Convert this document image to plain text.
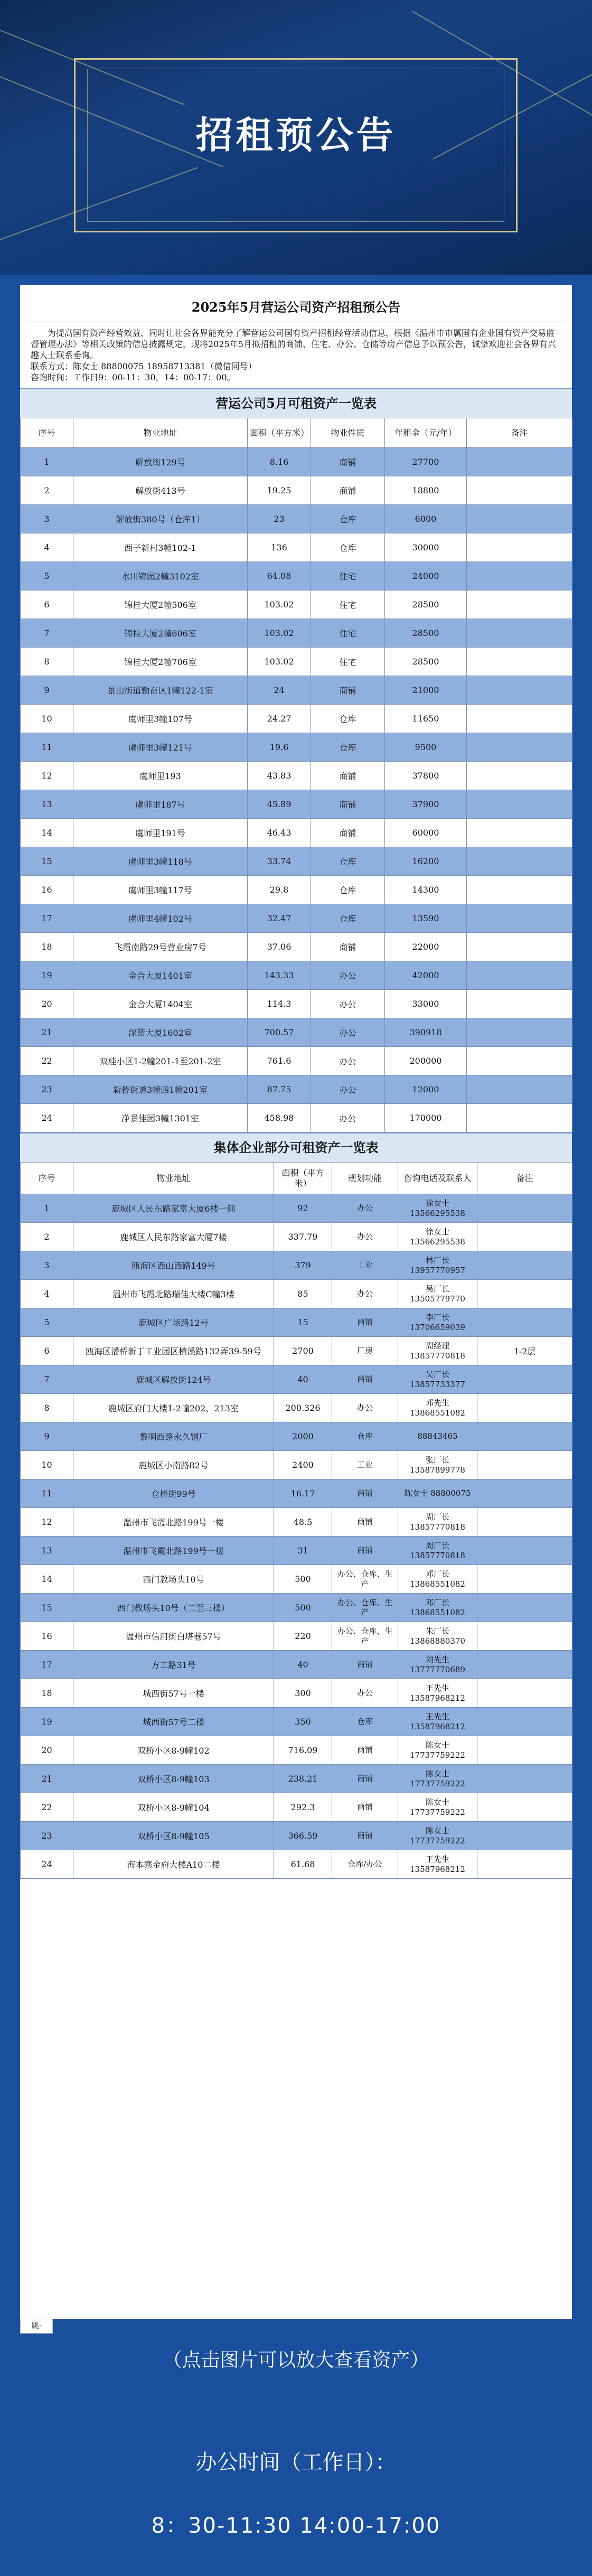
招租预公告
2025年5月营运公司资产招租预公告

为提高国有资产经营效益，同时让社会各界能充分了解营运公司国有资产招租经营活动信息，根据《温州市市属国有企业国有资产交易监督管理办法》等相关政策的信息披露规定，现将2025年5月拟招租的商铺、住宅、办公、仓储等房产信息予以预公告，诚挚欢迎社会各界有兴趣人士联系垂询。

联系方式：陈女士 88800075 18958713381（微信同号）
咨询时间：工作日9：00-11：30，14：00-17：00。
营运公司5月可租资产一览表
序号	物业地址	面积（平方米）	物业性质	年租金（元/年）	备注
1	解放街129号	8.16	商铺	27700	
2	解放街413号	19.25	商铺	18800	
3	解放街380号（仓库1）	23	仓库	6000	
4	西子新村3幢102-1	136	仓库	30000	
5	水川锦园2幢3102室	64.08	住宅	24000	
6	锦桂大厦2幢506室	103.02	住宅	28500	
7	锦桂大厦2幢606室	103.02	住宅	28500	
8	锦桂大厦2幢706室	103.02	住宅	28500	
9	景山街道勤奋区1幢122-1室	24	商铺	21000	
10	虞师里3幢107号	24.27	仓库	11650	
11	虞师里3幢121号	19.6	仓库	9500	
12	虞师里193	43.83	商铺	37800	
13	虞师里187号	45.89	商铺	37900	
14	虞师里191号	46.43	商铺	60000	
15	虞师里3幢118号	33.74	仓库	16200	
16	虞师里3幢117号	29.8	仓库	14300	
17	虞师里4幢102号	32.47	仓库	13590	
18	飞霞南路29号营业房7号	37.06	商铺	22000	
19	金合大厦1401室	143.33	办公	42000	
20	金合大厦1404室	114.3	办公	33000	
21	深蓝大厦1602室	700.57	办公	390918	
22	双桂小区1-2幢201-1至201-2室	761.6	办公	200000	
23	新桥街道3幢四1幢201室	87.75	办公	12000	
24	净景佳园3幢1301室	458.98	办公	170000	
集体企业部分可租资产一览表
序号	物业地址	面积（平方米）	规划功能	咨询电话及联系人	备注
1	鹿城区人民东路家富大厦6楼一间	92	办公	徐女士 13566295538	
2	鹿城区人民东路家富大厦7楼	337.79	办公	徐女士 13566295538	
3	瓯海区西山西路149号	379	工业	林厂长 13957770957	
4	温州市飞霞北路瑞佳大楼C幢3楼	85	办公	吴厂长 13505779770	
5	鹿城区广场路12号	15	商铺	李厂长 13706659039	
6	瓯海区潘桥新丁工业园区横溪路132弄39-59号	2700	厂房	周经理 13857770818	1-2层
7	鹿城区解放街124号	40	商铺	吴厂长 13857733377	
8	鹿城区府门大楼1-2幢202、213室	200.326	办公	邓先生 13868551082	
9	黎明西路永久钢厂	2000	仓库	88843465	
10	鹿城区小南路82号	2400	工业	张厂长 13587899778	
11	仓桥街99号	16.17	商铺	陈女士 88800075	
12	温州市飞霞北路199号一楼	48.5	商铺	周厂长 13857770818	
13	温州市飞霞北路199号一楼	31	商铺	周厂长 13857770818	
14	西门教场头10号	500	办公、仓库、生产	邓厂长 13868551082	
15	西门教场头10号（二至三楼）	500	办公、仓库、生产	邓厂长 13868551082	
16	温州市信河街白塔巷57号	220	办公、仓库，生产	朱厂长 13868880370	
17	方工路31号	40	商铺	刘先生 13777770689	
18	城西街57号一楼	300	办公	王先生 13587968212	
19	城西街57号二楼	350	仓库	王先生 13587968212	
20	双桥小区8-9幢102	716.09	商铺	陈女士 17737759222	
21	双桥小区8-9幢103	238.21	商铺	陈女士 17737759222	
22	双桥小区8-9幢104	292.3	商铺	陈女士 17737759222	
23	双桥小区8-9幢105	366.59	商铺	陈女士 17737759222	
24	海本寨金府大楼A10二楼	61.68	仓库/办公	王先生 13587968212	
跳·
（点击图片可以放大查看资产）
办公时间（工作日）：
8：30-11:30 14:00-17:00
